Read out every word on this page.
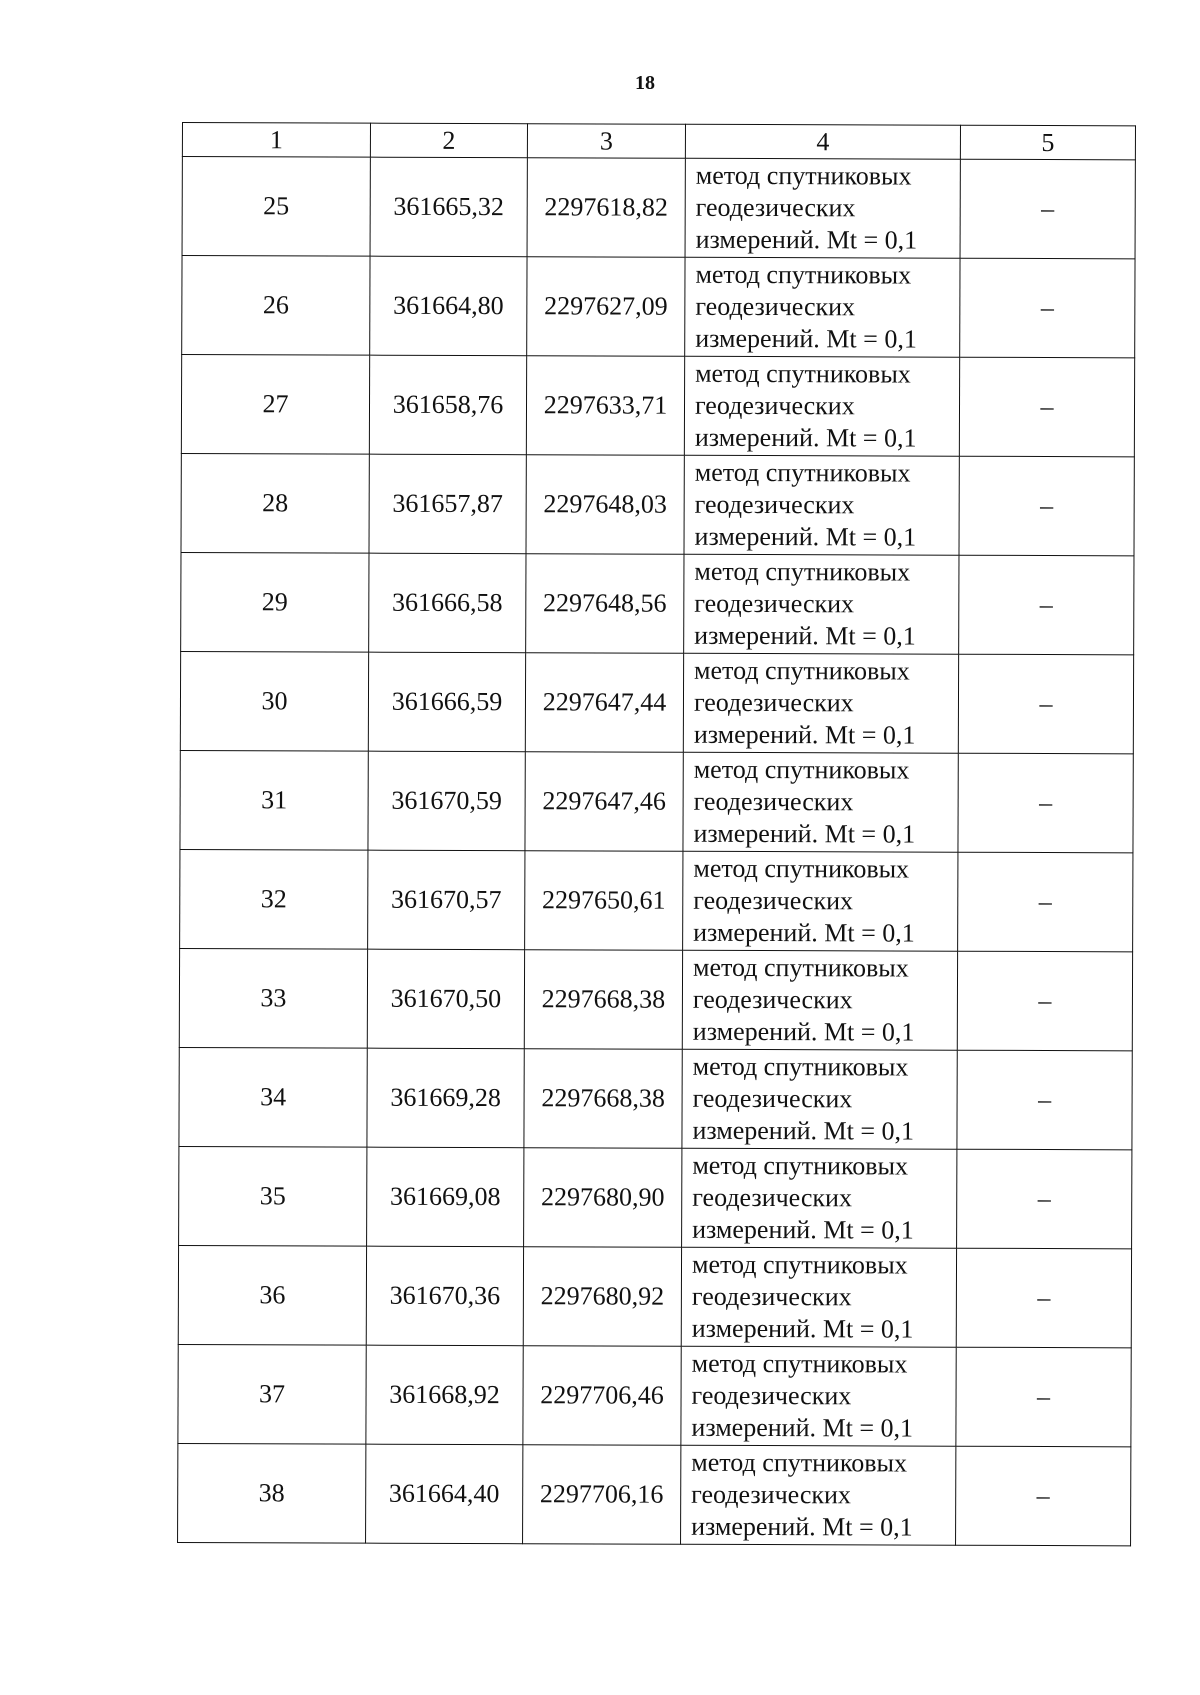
18
1	2	3	4	5
25	361665,32	2297618,82	метод спутниковых
геодезических
измерений. Mt = 0,1	–
26	361664,80	2297627,09	метод спутниковых
геодезических
измерений. Mt = 0,1	–
27	361658,76	2297633,71	метод спутниковых
геодезических
измерений. Mt = 0,1	–
28	361657,87	2297648,03	метод спутниковых
геодезических
измерений. Mt = 0,1	–
29	361666,58	2297648,56	метод спутниковых
геодезических
измерений. Mt = 0,1	–
30	361666,59	2297647,44	метод спутниковых
геодезических
измерений. Mt = 0,1	–
31	361670,59	2297647,46	метод спутниковых
геодезических
измерений. Mt = 0,1	–
32	361670,57	2297650,61	метод спутниковых
геодезических
измерений. Mt = 0,1	–
33	361670,50	2297668,38	метод спутниковых
геодезических
измерений. Mt = 0,1	–
34	361669,28	2297668,38	метод спутниковых
геодезических
измерений. Mt = 0,1	–
35	361669,08	2297680,90	метод спутниковых
геодезических
измерений. Mt = 0,1	–
36	361670,36	2297680,92	метод спутниковых
геодезических
измерений. Mt = 0,1	–
37	361668,92	2297706,46	метод спутниковых
геодезических
измерений. Mt = 0,1	–
38	361664,40	2297706,16	метод спутниковых
геодезических
измерений. Mt = 0,1	–
